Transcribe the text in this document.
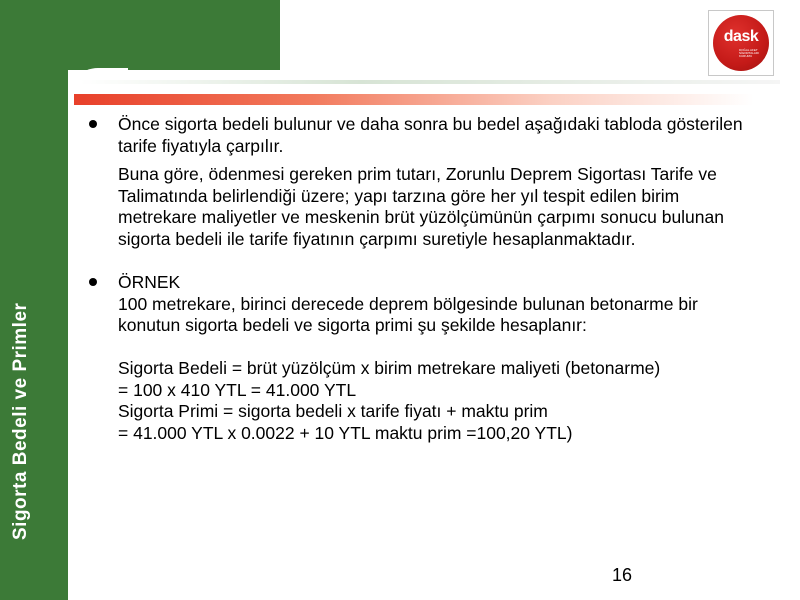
Sigorta Bedeli ve Primler
dask
DOĞAL AFET SİGORTALARI KURUMU

Önce sigorta bedeli bulunur ve daha sonra bu bedel aşağıdaki tabloda gösterilen tarife fiyatıyla çarpılır.

Buna göre, ödenmesi gereken prim tutarı, Zorunlu Deprem Sigortası Tarife ve Talimatında belirlendiği üzere; yapı tarzına göre her yıl tespit edilen birim metrekare maliyetler ve meskenin brüt yüzölçümünün çarpımı sonucu bulunan sigorta bedeli ile tarife fiyatının çarpımı suretiyle hesaplanmaktadır.

ÖRNEK
100 metrekare, birinci derecede deprem bölgesinde bulunan betonarme bir konutun sigorta bedeli ve sigorta primi şu şekilde hesaplanır:
Sigorta Bedeli = brüt yüzölçüm x birim metrekare maliyeti (betonarme)
= 100 x 410 YTL = 41.000 YTL
Sigorta Primi = sigorta bedeli x tarife fiyatı + maktu prim
= 41.000 YTL x 0.0022 + 10 YTL maktu prim =100,20 YTL)
16
